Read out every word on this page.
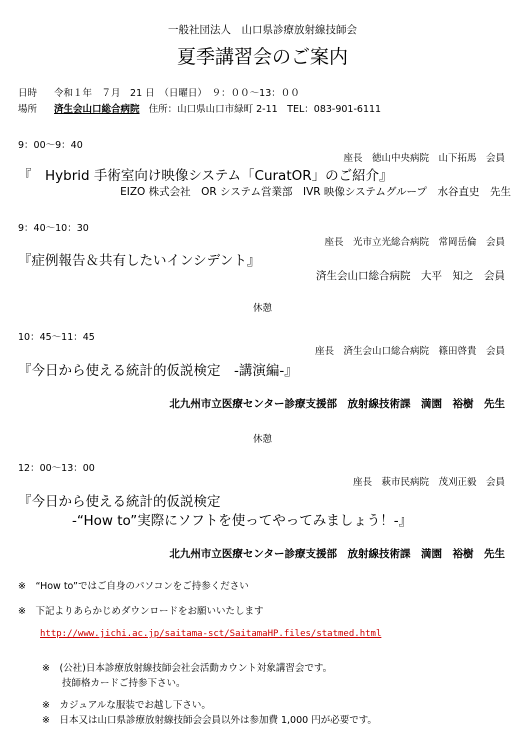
一般社団法人　山口県診療放射線技師会
夏季講習会のご案内
日時 令和１年　７月　21 日　（日曜日）　９：００～13：００
場所 済生会山口総合病院 住所：山口県山口市緑町 2-11　TEL：083-901-6111
9：00～9：40
座長　徳山中央病院　山下拓馬　会員
『　Hybrid 手術室向け映像システム「CuratOR」のご紹介』
EIZO 株式会社　OR システム営業部　IVR 映像システムグループ　水谷直史　先生
9：40～10：30
座長　光市立光総合病院　常岡岳倫　会員
『症例報告＆共有したいインシデント』
済生会山口総合病院　大平　知之　会員
休憩
10：45～11：45
座長　済生会山口総合病院　篠田啓貴　会員
『今日から使える統計的仮説検定　-講演編-』
北九州市立医療センター診療支援部　放射線技術課　満園　裕樹　先生
休憩
12：00～13：00
座長　萩市民病院　茂刈正毅　会員
『今日から使える統計的仮説検定
-“How to”実際にソフトを使ってやってみましょう！-』
北九州市立医療センター診療支援部　放射線技術課　満園　裕樹　先生
※　“How to”ではご自身のパソコンをご持参ください
※　下記よりあらかじめダウンロードをお願いいたします
http://www.jichi.ac.jp/saitama-sct/SaitamaHP.files/statmed.html
※　(公社)日本診療放射線技師会社会活動カウント対象講習会です。
技師格カードご持参下さい。
※　カジュアルな服装でお越し下さい。
※　日本又は山口県診療放射線技師会会員以外は参加費 1,000 円が必要です。
